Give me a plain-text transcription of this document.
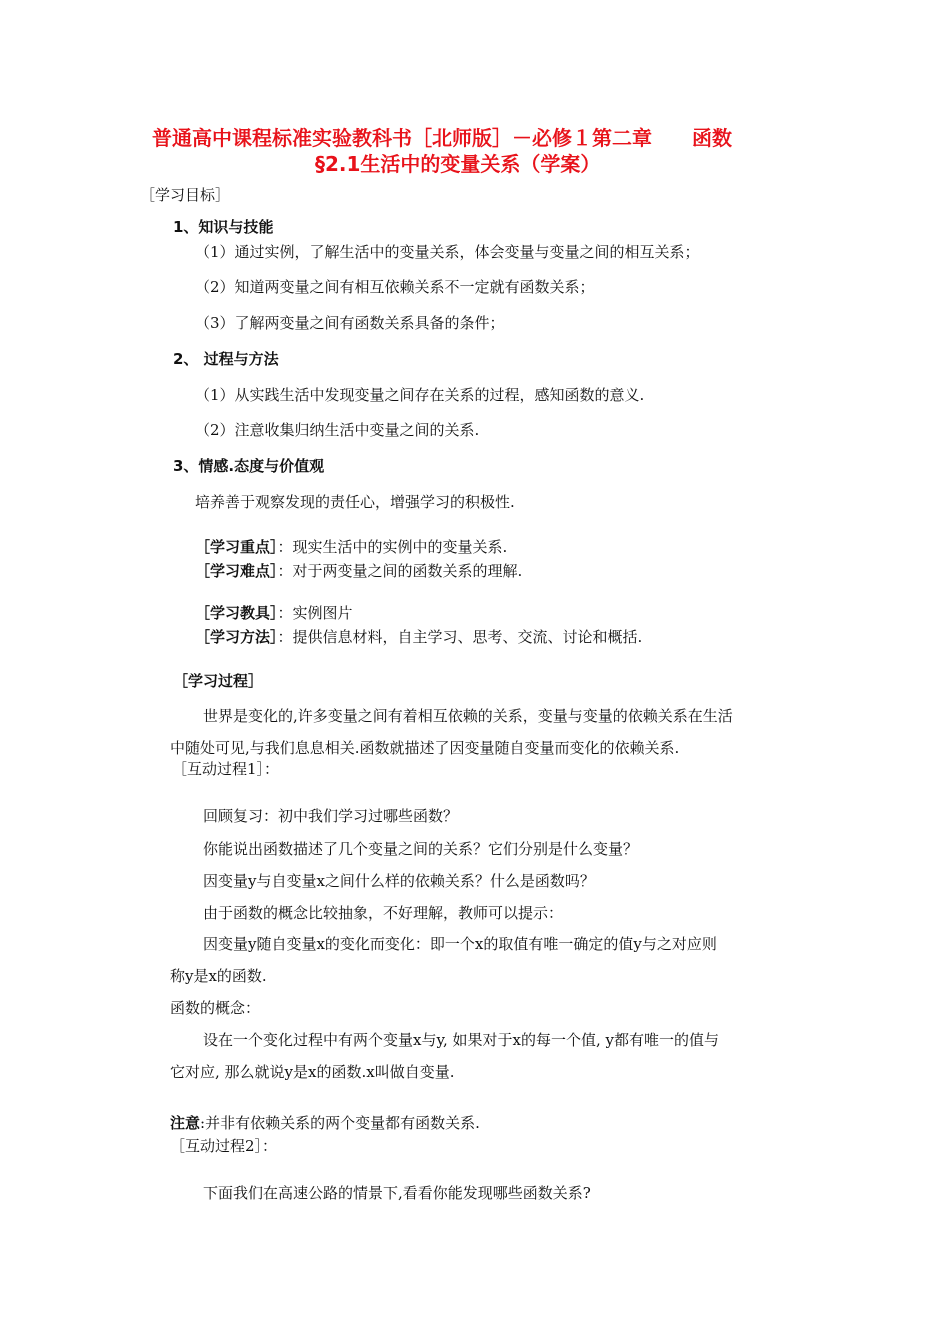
普通高中课程标准实验教科书［北师版］－必修１第二章　　函数
§2.1生活中的变量关系（学案）
［学习目标］
1、知识与技能
（1）通过实例，了解生活中的变量关系，体会变量与变量之间的相互关系；
（2）知道两变量之间有相互依赖关系不一定就有函数关系；
（3）了解两变量之间有函数关系具备的条件；
2、 过程与方法
（1）从实践生活中发现变量之间存在关系的过程，感知函数的意义.
（2）注意收集归纳生活中变量之间的关系.
3、情感.态度与价值观
培养善于观察发现的责任心，增强学习的积极性.
［学习重点］：现实生活中的实例中的变量关系.
［学习难点］：对于两变量之间的函数关系的理解.
［学习教具］：实例图片
［学习方法］：提供信息材料，自主学习、思考、交流、讨论和概括.
［学习过程］
世界是变化的,许多变量之间有着相互依赖的关系，变量与变量的依赖关系在生活
中随处可见,与我们息息相关.函数就描述了因变量随自变量而变化的依赖关系.
［互动过程1］：
回顾复习：初中我们学习过哪些函数？
你能说出函数描述了几个变量之间的关系？它们分别是什么变量？
因变量y与自变量x之间什么样的依赖关系？什么是函数吗？
由于函数的概念比较抽象，不好理解，教师可以提示：
因变量y随自变量x的变化而变化：即一个x的取值有唯一确定的值y与之对应则
称y是x的函数.
函数的概念：
设在一个变化过程中有两个变量x与y, 如果对于x的每一个值, y都有唯一的值与
它对应, 那么就说y是x的函数.x叫做自变量.
注意:并非有依赖关系的两个变量都有函数关系.
［互动过程2］：
下面我们在高速公路的情景下,看看你能发现哪些函数关系?
